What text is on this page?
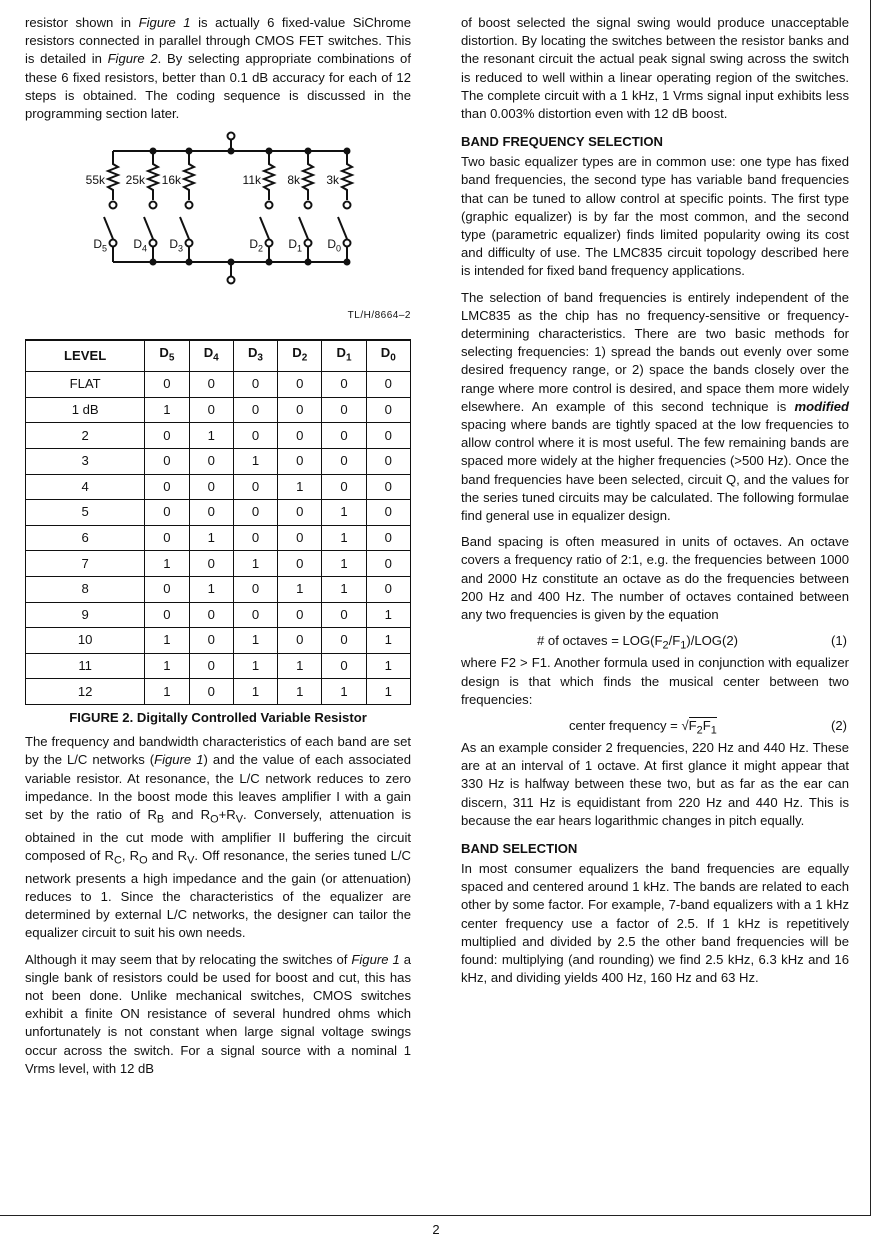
resistor shown in Figure 1 is actually 6 fixed-value SiChrome resistors connected in parallel through CMOS FET switches. This is detailed in Figure 2. By selecting appropriate combinations of these 6 fixed resistors, better than 0.1 dB accuracy for each of 12 steps is obtained. The coding sequence is discussed in the programming section later.

55k
$D_5$
25k
$D_4$
16k
$D_3$
11k
$D_2$
8k
$D_1$
3k
$D_0$
TL/H/8664–2
LEVEL	$D_5$	$D_4$	$D_3$	$D_2$	$D_1$	$D_0$
FLAT	0	0	0	0	0	0
1 dB	1	0	0	0	0	0
2	0	1	0	0	0	0
3	0	0	1	0	0	0
4	0	0	0	1	0	0
5	0	0	0	0	1	0
6	0	1	0	0	1	0
7	1	0	1	0	1	0
8	0	1	0	1	1	0
9	0	0	0	0	0	1
10	1	0	1	0	0	1
11	1	0	1	1	0	1
12	1	0	1	1	1	1
FIGURE 2. Digitally Controlled Variable Resistor

The frequency and bandwidth characteristics of each band are set by the L/C networks (Figure 1) and the value of each associated variable resistor. At resonance, the L/C network reduces to zero impedance. In the boost mode this leaves amplifier I with a gain set by the ratio of $R_B$ and $R_O+R_V$. Conversely, attenuation is obtained in the cut mode with amplifier II buffering the circuit composed of $R_C$, $R_O$ and $R_V$. Off resonance, the series tuned L/C network presents a high impedance and the gain (or attenuation) reduces to 1. Since the characteristics of the equalizer are determined by external L/C networks, the designer can tailor the equalizer circuit to suit his own needs.

Although it may seem that by relocating the switches of Figure 1 a single bank of resistors could be used for boost and cut, this has not been done. Unlike mechanical switches, CMOS switches exhibit a finite ON resistance of several hundred ohms which unfortunately is not constant when large signal voltage swings occur across the switch. For a signal source with a nominal 1 Vrms level, with 12 dB

of boost selected the signal swing would produce unacceptable distortion. By locating the switches between the resistor banks and the resonant circuit the actual peak signal swing across the switch is reduced to well within a linear operating region of the switches. The complete circuit with a 1 kHz, 1 Vrms signal input exhibits less than 0.003% distortion even with 12 dB boost.

BAND FREQUENCY SELECTION

Two basic equalizer types are in common use: one type has fixed band frequencies, the second type has variable band frequencies that can be tuned to allow control at specific points. The first type (graphic equalizer) is by far the most common, and the second type (parametric equalizer) finds limited popularity owing its cost and difficulty of use. The LMC835 circuit topology described here is intended for fixed band frequency applications.

The selection of band frequencies is entirely independent of the LMC835 as the chip has no frequency-sensitive or frequency-determining characteristics. There are two basic methods for selecting frequencies: 1) spread the bands out evenly over some desired frequency range, or 2) space the bands closely over the range where more control is desired, and space them more widely elsewhere. An example of this second technique is modified spacing where bands are tightly spaced at the low frequencies to allow control where it is most useful. The few remaining bands are spaced more widely at the higher frequencies (>500 Hz). Once the band frequencies have been selected, circuit Q, and the values for the series tuned circuits may be calculated. The following formulae find general use in equalizer design.

Band spacing is often measured in units of octaves. An octave covers a frequency ratio of 2:1, e.g. the frequencies between 1000 and 2000 Hz constitute an octave as do the frequencies between 200 Hz and 400 Hz. The number of octaves contained between any two frequencies is given by the equation

# of octaves = $LOG(F_2/F_1)/LOG(2)$	(1)

where F2 > F1. Another formula used in conjunction with equalizer design is that which finds the musical center between two frequencies:

center frequency = $√F_2F_1$	(2)

As an example consider 2 frequencies, 220 Hz and 440 Hz. These are at an interval of 1 octave. At first glance it might appear that 330 Hz is halfway between these two, but as far as the ear can discern, 311 Hz is equidistant from 220 Hz and 440 Hz. This is because the ear hears logarithmic changes in pitch equally.

BAND SELECTION

In most consumer equalizers the band frequencies are equally spaced and centered around 1 kHz. The bands are related to each other by some factor. For example, 7-band equalizers with a 1 kHz center frequency use a factor of 2.5. If 1 kHz is repetitively multiplied and divided by 2.5 the other band frequencies will be found: multiplying (and rounding) we find 2.5 kHz, 6.3 kHz and 16 kHz, and dividing yields 400 Hz, 160 Hz and 63 Hz.

2
